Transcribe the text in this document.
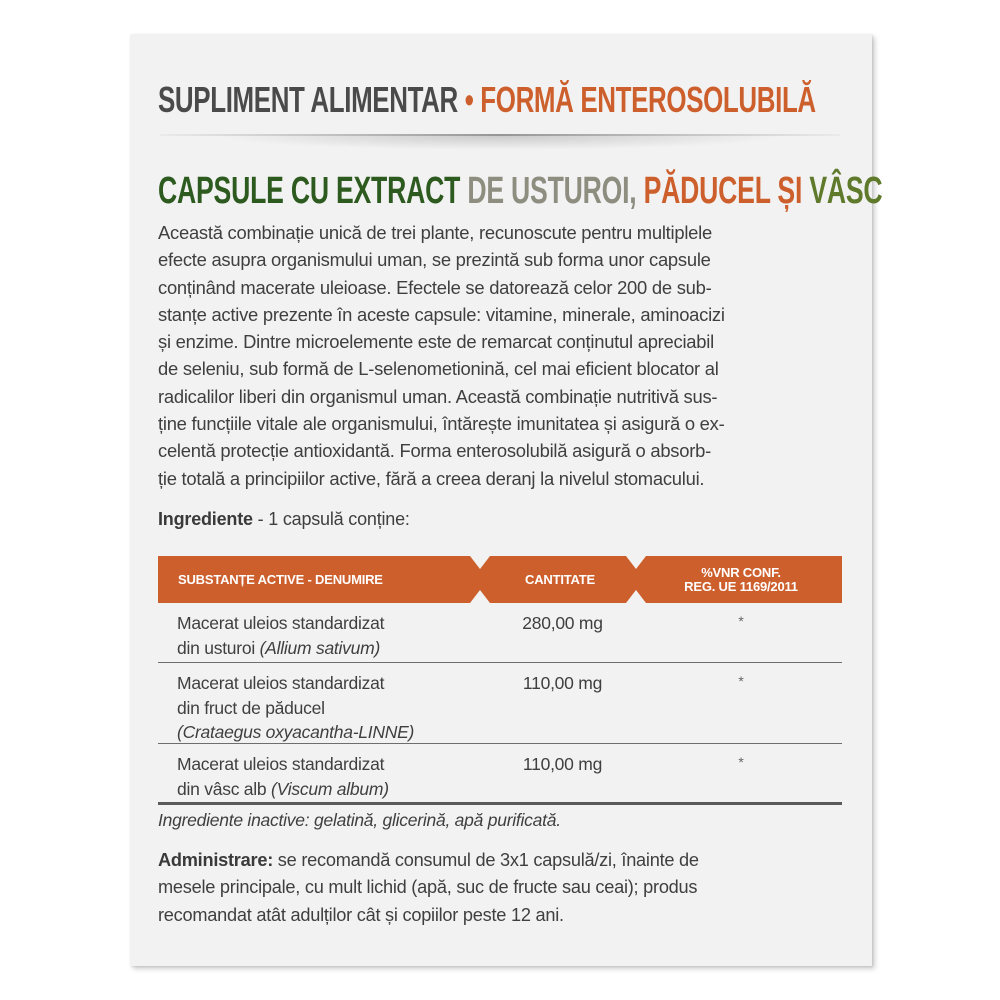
SUPLIMENT ALIMENTAR • FORMĂ ENTEROSOLUBILĂ
CAPSULE CU EXTRACT DE USTUROI, PĂDUCEL ȘI VÂSC
Această combinație unică de trei plante, recunoscute pentru multiplele
efecte asupra organismului uman, se prezintă sub forma unor capsule
conținând macerate uleioase. Efectele se datorează celor 200 de sub-
stanțe active prezente în aceste capsule: vitamine, minerale, aminoacizi
și enzime. Dintre microelemente este de remarcat conținutul apreciabil
de seleniu, sub formă de L-selenometionină, cel mai eficient blocator al
radicalilor liberi din organismul uman. Această combinație nutritivă sus-
ține funcțiile vitale ale organismului, întărește imunitatea și asigură o ex-
celentă protecție antioxidantă. Forma enterosolubilă asigură o absorb-
ție totală a principiilor active, fără a creea deranj la nivelul stomacului.
Ingrediente - 1 capsulă conține:
SUBSTANȚE ACTIVE - DENUMIRE	CANTITATE	%VNR CONF.
REG. UE 1169/2011
Macerat uleios standardizat
din usturoi (Allium sativum)
280,00 mg	*
Macerat uleios standardizat
din fruct de păducel
(Crataegus oxyacantha-LINNE)
110,00 mg	*
Macerat uleios standardizat
din vâsc alb (Viscum album)
110,00 mg	*
Ingrediente inactive: gelatină, glicerină, apă purificată.
Administrare: se recomandă consumul de 3x1 capsulă/zi, înainte de
mesele principale, cu mult lichid (apă, suc de fructe sau ceai); produs
recomandat atât adulților cât și copiilor peste 12 ani.
